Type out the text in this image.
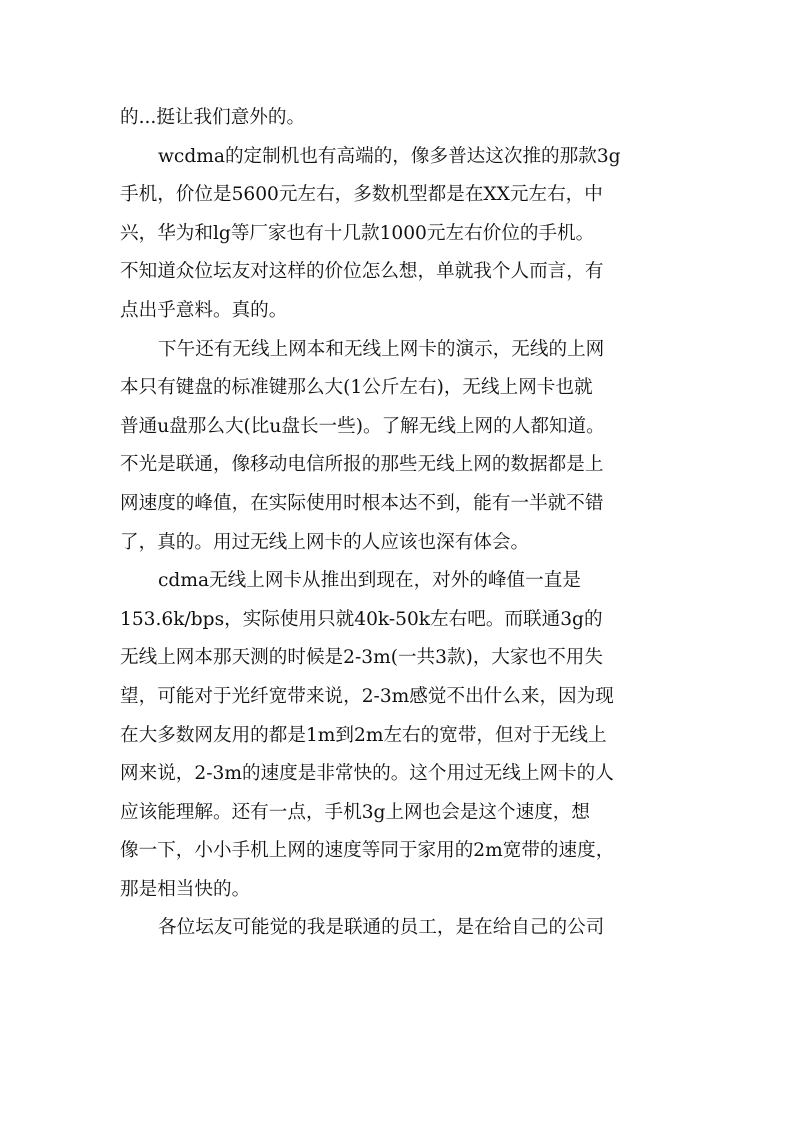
的...挺让我们意外的。
wcdma的定制机也有高端的，像多普达这次推的那款3g
手机，价位是5600元左右，多数机型都是在XX元左右，中
兴，华为和lg等厂家也有十几款1000元左右价位的手机。
不知道众位坛友对这样的价位怎么想，单就我个人而言，有
点出乎意料。真的。
下午还有无线上网本和无线上网卡的演示，无线的上网
本只有键盘的标准键那么大(1公斤左右)，无线上网卡也就
普通u盘那么大(比u盘长一些)。了解无线上网的人都知道。
不光是联通，像移动电信所报的那些无线上网的数据都是上
网速度的峰值，在实际使用时根本达不到，能有一半就不错
了，真的。用过无线上网卡的人应该也深有体会。
cdma无线上网卡从推出到现在，对外的峰值一直是
153.6k/bps，实际使用只就40k-50k左右吧。而联通3g的
无线上网本那天测的时候是2-3m(一共3款)，大家也不用失
望，可能对于光纤宽带来说，2-3m感觉不出什么来，因为现
在大多数网友用的都是1m到2m左右的宽带，但对于无线上
网来说，2-3m的速度是非常快的。这个用过无线上网卡的人
应该能理解。还有一点，手机3g上网也会是这个速度，想
像一下，小小手机上网的速度等同于家用的2m宽带的速度，
那是相当快的。
各位坛友可能觉的我是联通的员工，是在给自己的公司
